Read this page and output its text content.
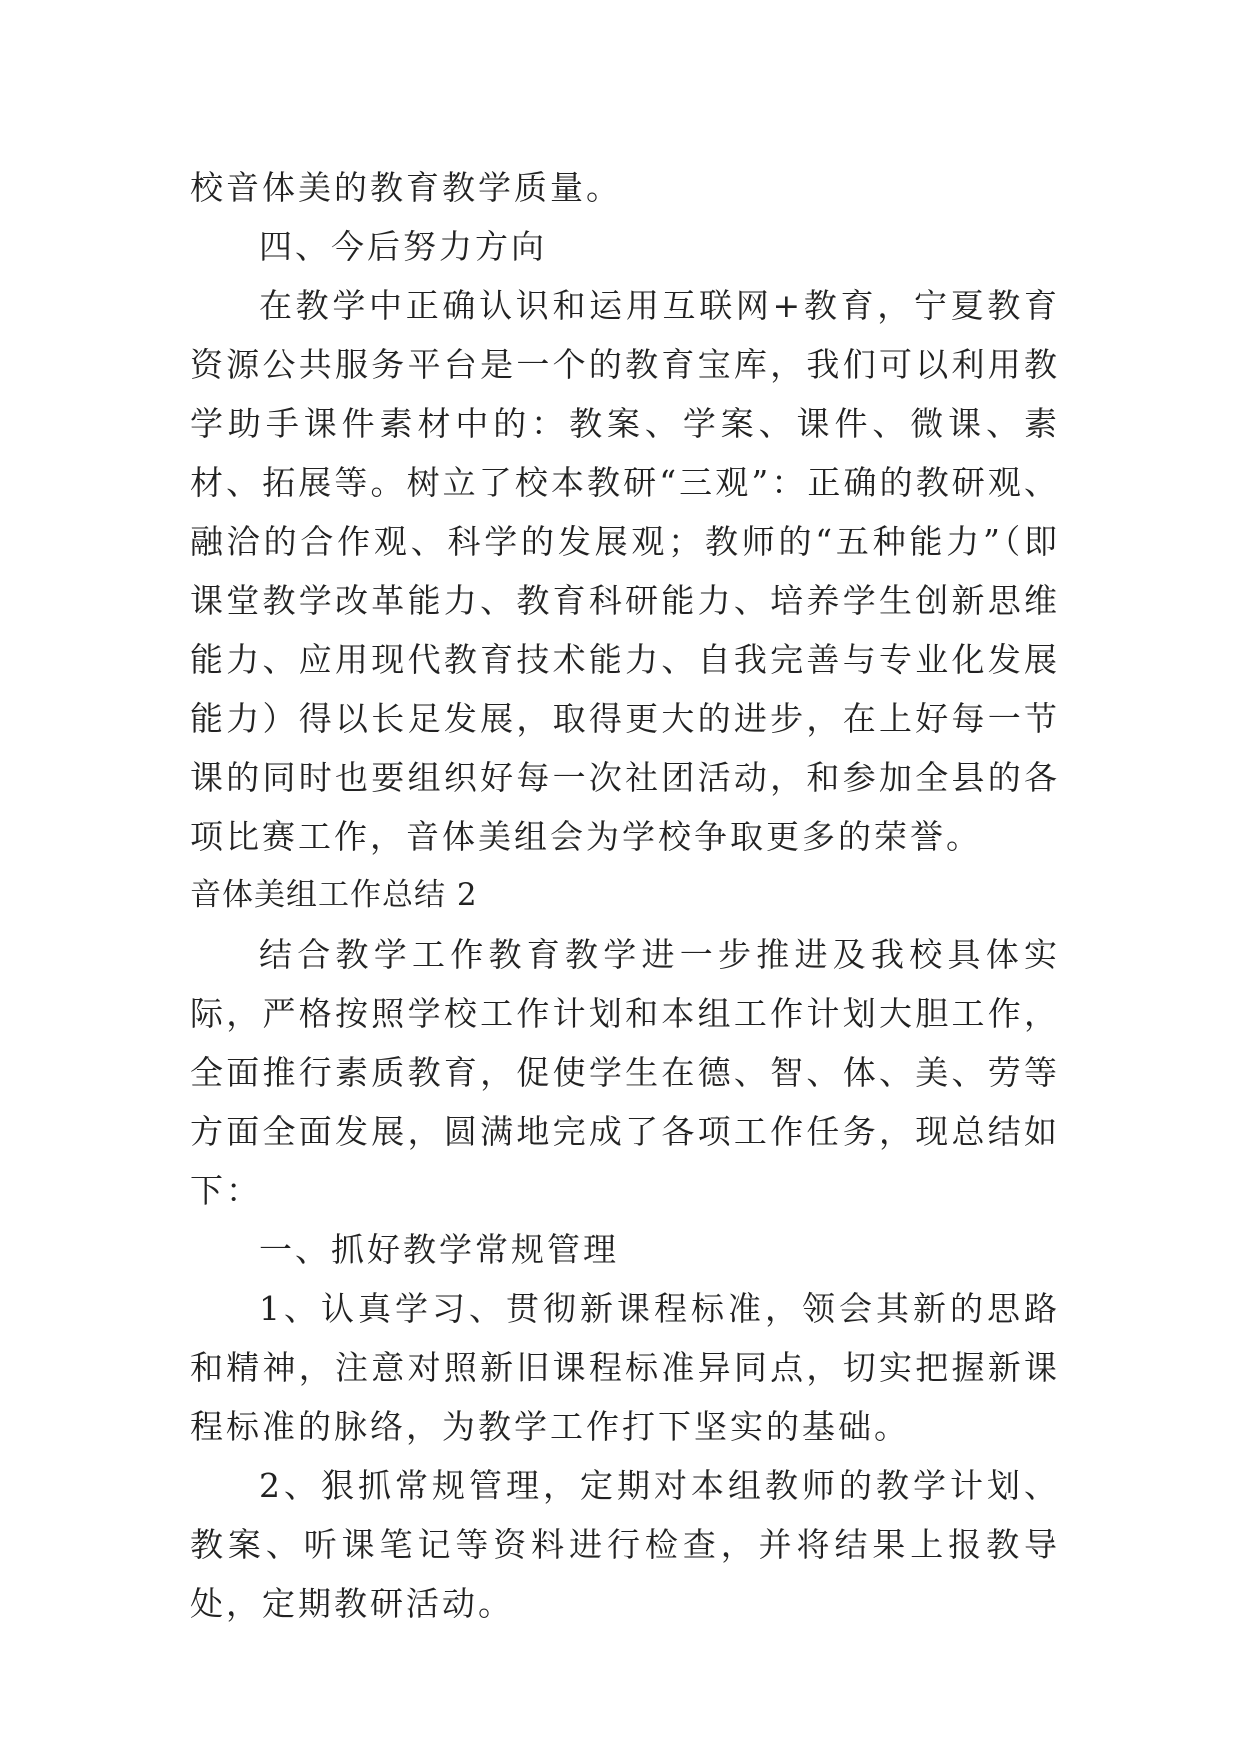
校音体美的教育教学质量。

四、今后努力方向

在教学中正确认识和运用互联网+教育，宁夏教育资源公共服务平台是一个的教育宝库，我们可以利用教学助手课件素材中的：教案、学案、课件、微课、素材、拓展等。树立了校本教研“三观”：正确的教研观、融洽的合作观、科学的发展观；教师的“五种能力”（即课堂教学改革能力、教育科研能力、培养学生创新思维能力、应用现代教育技术能力、自我完善与专业化发展能力）得以长足发展，取得更大的进步，在上好每一节课的同时也要组织好每一次社团活动，和参加全县的各项比赛工作，音体美组会为学校争取更多的荣誉。

音体美组工作总结 2

结合教学工作教育教学进一步推进及我校具体实际，严格按照学校工作计划和本组工作计划大胆工作，全面推行素质教育，促使学生在德、智、体、美、劳等方面全面发展，圆满地完成了各项工作任务，现总结如下：

一、抓好教学常规管理

1、认真学习、贯彻新课程标准，领会其新的思路和精神，注意对照新旧课程标准异同点，切实把握新课程标准的脉络，为教学工作打下坚实的基础。

2、狠抓常规管理，定期对本组教师的教学计划、教案、听课笔记等资料进行检查，并将结果上报教导处，定期教研活动。
